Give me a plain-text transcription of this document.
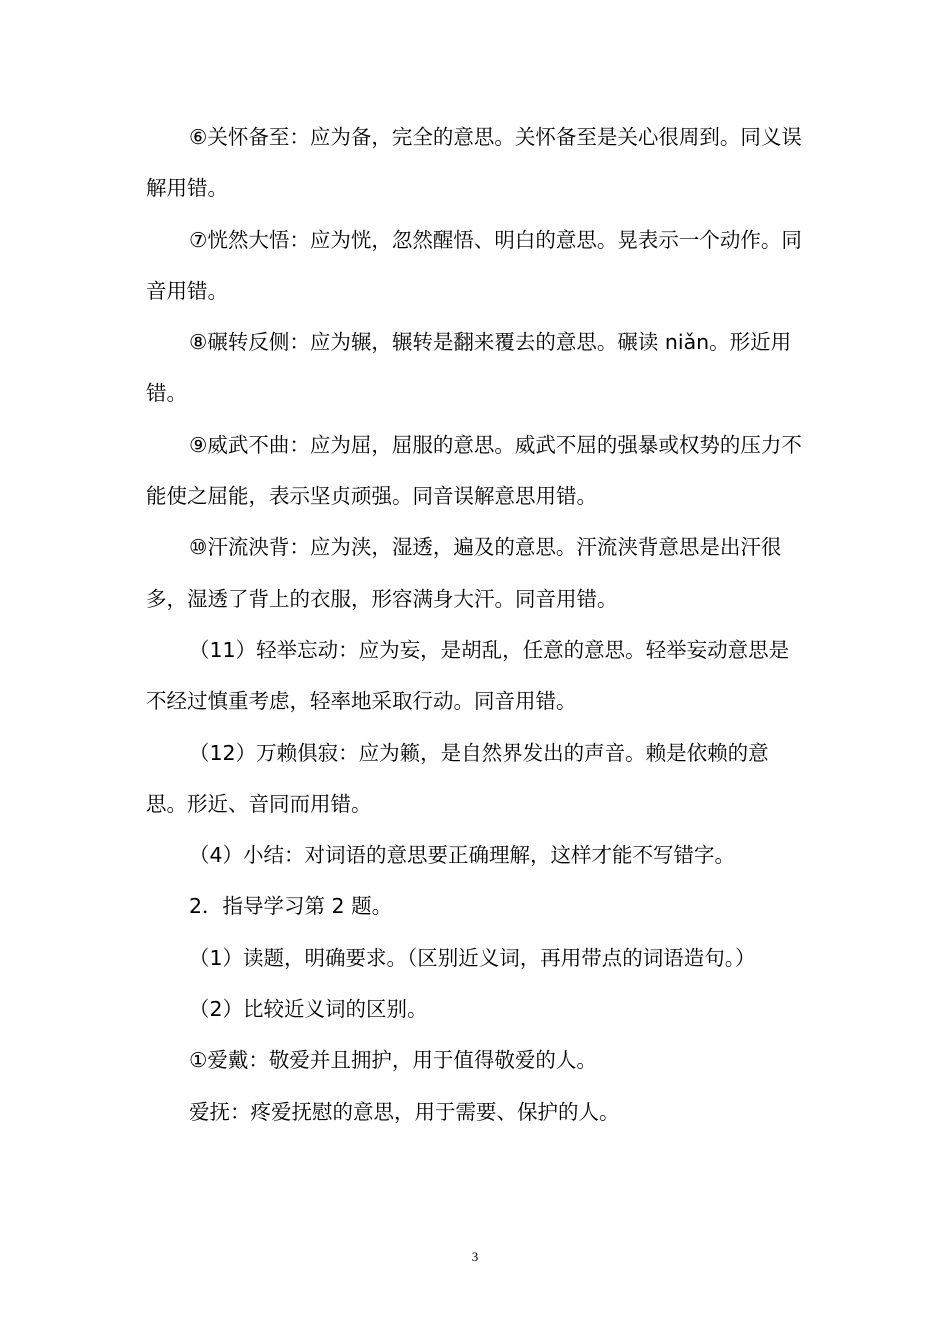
⑥关怀备至：应为备，完全的意思。关怀备至是关心很周到。同义误解用错。

⑦恍然大悟：应为恍，忽然醒悟、明白的意思。晃表示一个动作。同音用错。

⑧碾转反侧：应为辗，辗转是翻来覆去的意思。碾读 niǎn。形近用错。

⑨威武不曲：应为屈，屈服的意思。威武不屈的强暴或权势的压力不能使之屈能，表示坚贞顽强。同音误解意思用错。

⑩汗流泱背：应为浃，湿透，遍及的意思。汗流浃背意思是出汗很多，湿透了背上的衣服，形容满身大汗。同音用错。

（11）轻举忘动：应为妄，是胡乱，任意的意思。轻举妄动意思是不经过慎重考虑，轻率地采取行动。同音用错。

（12）万赖俱寂：应为籁，是自然界发出的声音。赖是依赖的意思。形近、音同而用错。

（4）小结：对词语的意思要正确理解，这样才能不写错字。

2．指导学习第 2 题。

（1）读题，明确要求。（区别近义词，再用带点的词语造句。）

（2）比较近义词的区别。

①爱戴：敬爱并且拥护，用于值得敬爱的人。

爱抚：疼爱抚慰的意思，用于需要、保护的人。

3
